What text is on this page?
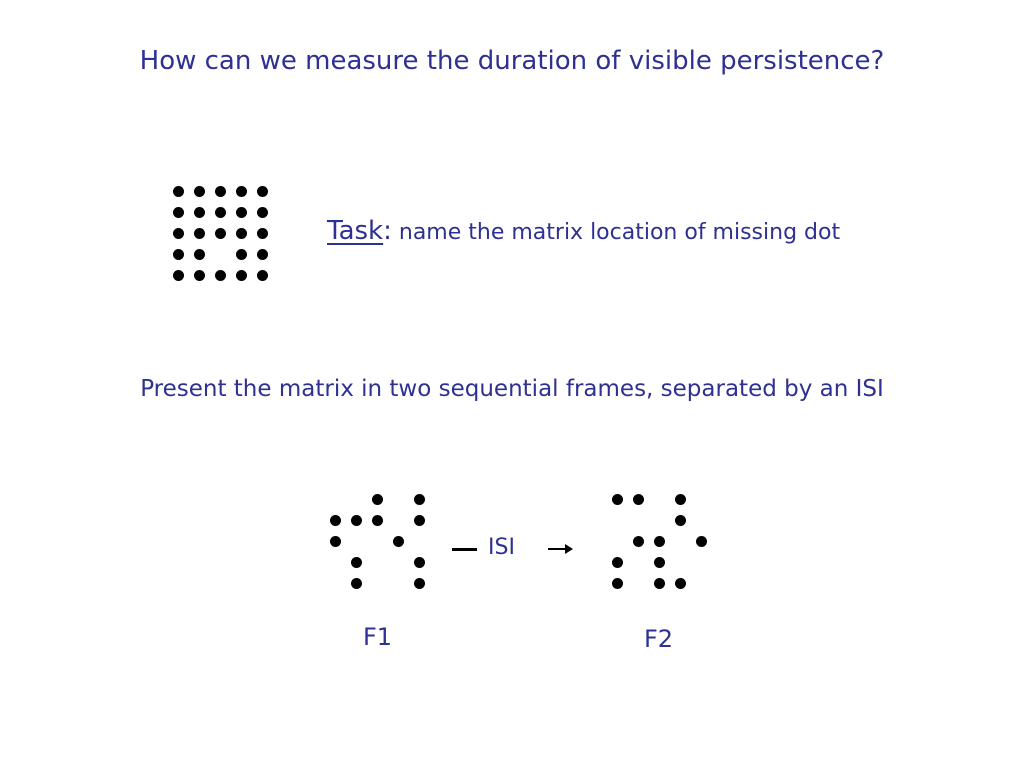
How can we measure the duration of visible persistence?
Task: name the matrix location of missing dot
Present the matrix in two sequential frames, separated by an ISI
ISI
F1	F2
